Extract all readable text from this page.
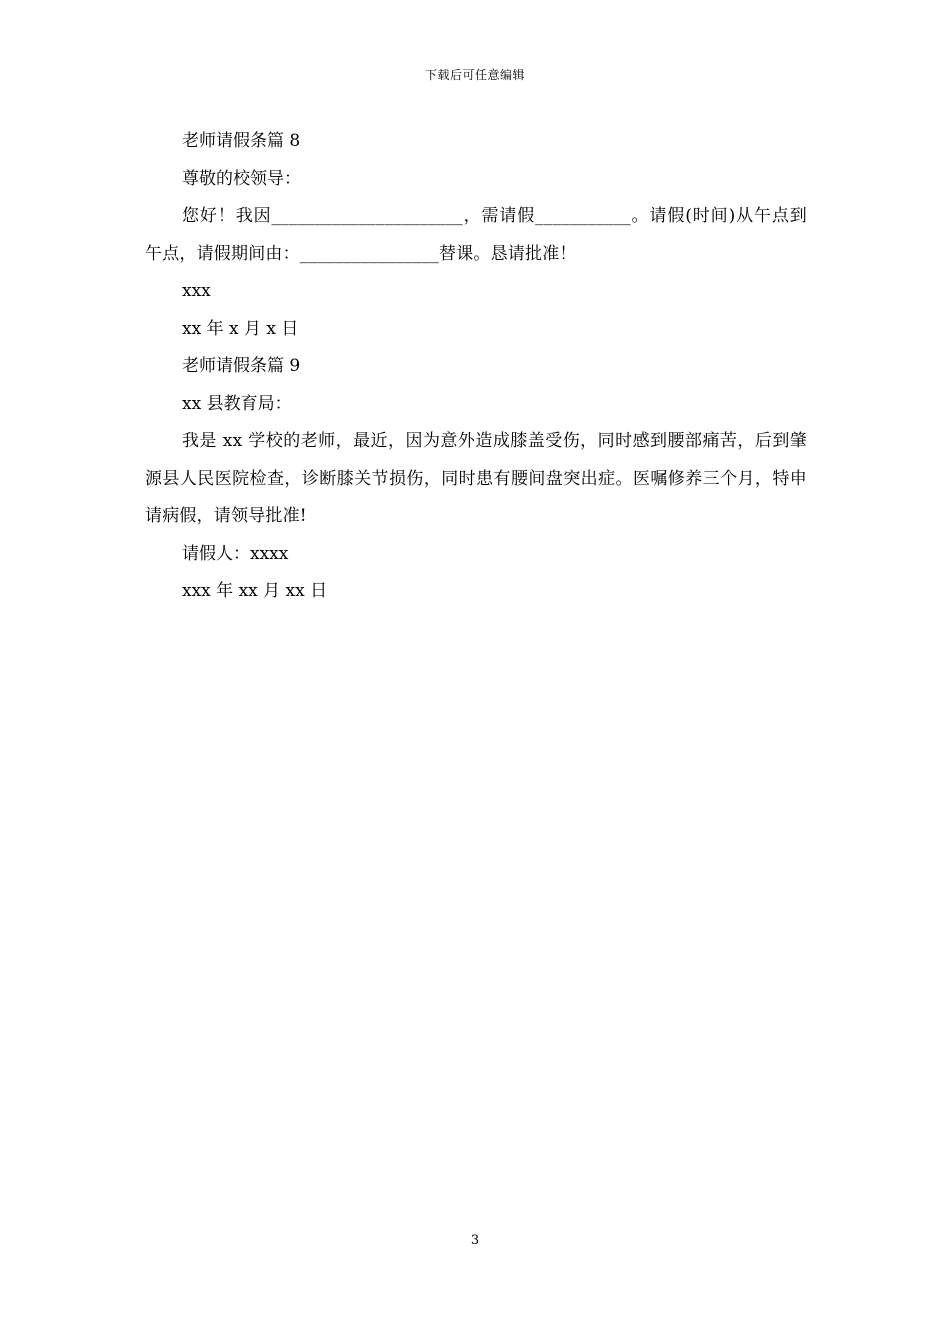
下载后可任意编辑
老师请假条篇 8
尊敬的校领导：
您好！我因______________________，需请假___________。请假(时间)从午点到午点，请假期间由：________________替课。恳请批准！
xxx
xx 年 x 月 x 日
老师请假条篇 9
xx 县教育局：
我是 xx 学校的老师，最近，因为意外造成膝盖受伤，同时感到腰部痛苦，后到肇源县人民医院检查，诊断膝关节损伤，同时患有腰间盘突出症。医嘱修养三个月，特申请病假，请领导批准!
请假人：xxxx
xxx 年 xx 月 xx 日
3
